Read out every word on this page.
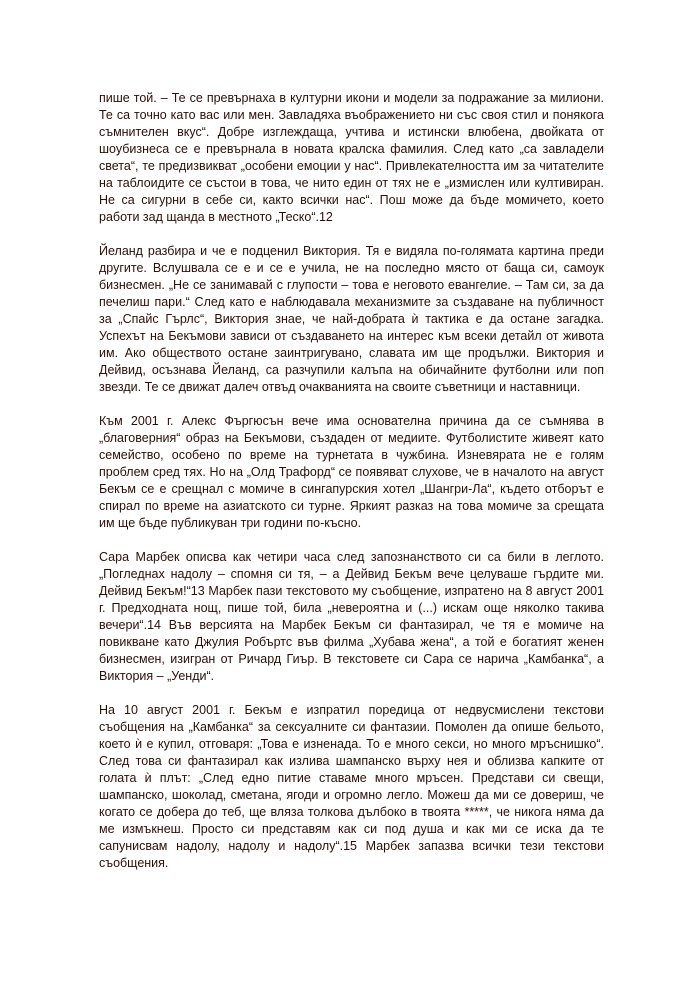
пише той. – Те се превърнаха в културни икони и модели за подражание за милиони. Те са точно като вас или мен. Завладяха въображението ни със своя стил и понякога съмнителен вкус“. Добре изглеждаща, учтива и истински влюбена, двойката от шоубизнеса се е превърнала в новата кралска фамилия. След като „са завладели света“, те предизвикват „особени емоции у нас“. Привлекателността им за читателите на таблоидите се състои в това, че нито един от тях не е „измислен или култивиран. Не са сигурни в себе си, както всички нас“. Пош може да бъде момичето, което работи зад щанда в местното „Теско“.12

Йеланд разбира и че е подценил Виктория. Тя е видяла по-голямата картина преди другите. Вслушвала се е и се е учила, не на последно място от баща си, самоук бизнесмен. „Не се занимавай с глупости – това е неговото евангелие. – Там си, за да печелиш пари.“ След като е наблюдавала механизмите за създаване на публичност за „Спайс Гърлс“, Виктория знае, че най-добрата ѝ тактика е да остане загадка. Успехът на Бекъмови зависи от създаването на интерес към всеки детайл от живота им. Ако обществото остане заинтригувано, славата им ще продължи. Виктория и Дейвид, осъзнава Йеланд, са разчупили калъпа на обичайните футболни или поп звезди. Те се движат далеч отвъд очакванията на своите съветници и наставници.

Към 2001 г. Алекс Фъргюсън вече има основателна причина да се съмнява в „благоверния“ образ на Бекъмови, създаден от медиите. Футболистите живеят като семейство, особено по време на турнетата в чужбина. Изневярата не е голям проблем сред тях. Но на „Олд Трафорд“ се появяват слухове, че в началото на август Бекъм се е срещнал с момиче в сингапурския хотел „Шангри-Ла“, където отборът е спирал по време на азиатското си турне. Яркият разказ на това момиче за срещата им ще бъде публикуван три години по-късно.

Сара Марбек описва как четири часа след запознанството си са били в леглото. „Погледнах надолу – спомня си тя, – а Дейвид Бекъм вече целуваше гърдите ми. Дейвид Бекъм!“13 Марбек пази текстовото му съобщение, изпратено на 8 август 2001 г. Предходната нощ, пише той, била „невероятна и (...) искам още няколко такива вечери“.14 Във версията на Марбек Бекъм си фантазирал, че тя е момиче на повикване като Джулия Робъртс във филма „Хубава жена“, а той е богатият женен бизнесмен, изигран от Ричард Гиър. В текстовете си Сара се нарича „Камбанка“, а Виктория – „Уенди“.

На 10 август 2001 г. Бекъм е изпратил поредица от недвусмислени текстови съобщения на „Камбанка“ за сексуалните си фантазии. Помолен да опише бельото, което ѝ е купил, отговаря: „Това е изненада. То е много секси, но много мръснишко“. След това си фантазирал как излива шампанско върху нея и облизва капките от голата ѝ плът: „След едно питие ставаме много мръсен. Представи си свещи, шампанско, шоколад, сметана, ягоди и огромно легло. Можеш да ми се довериш, че когато се добера до теб, ще вляза толкова дълбоко в твоята *****, че никога няма да ме измъкнеш. Просто си представям как си под душа и как ми се иска да те сапунисвам надолу, надолу и надолу“.15 Марбек запазва всички тези текстови съобщения.
